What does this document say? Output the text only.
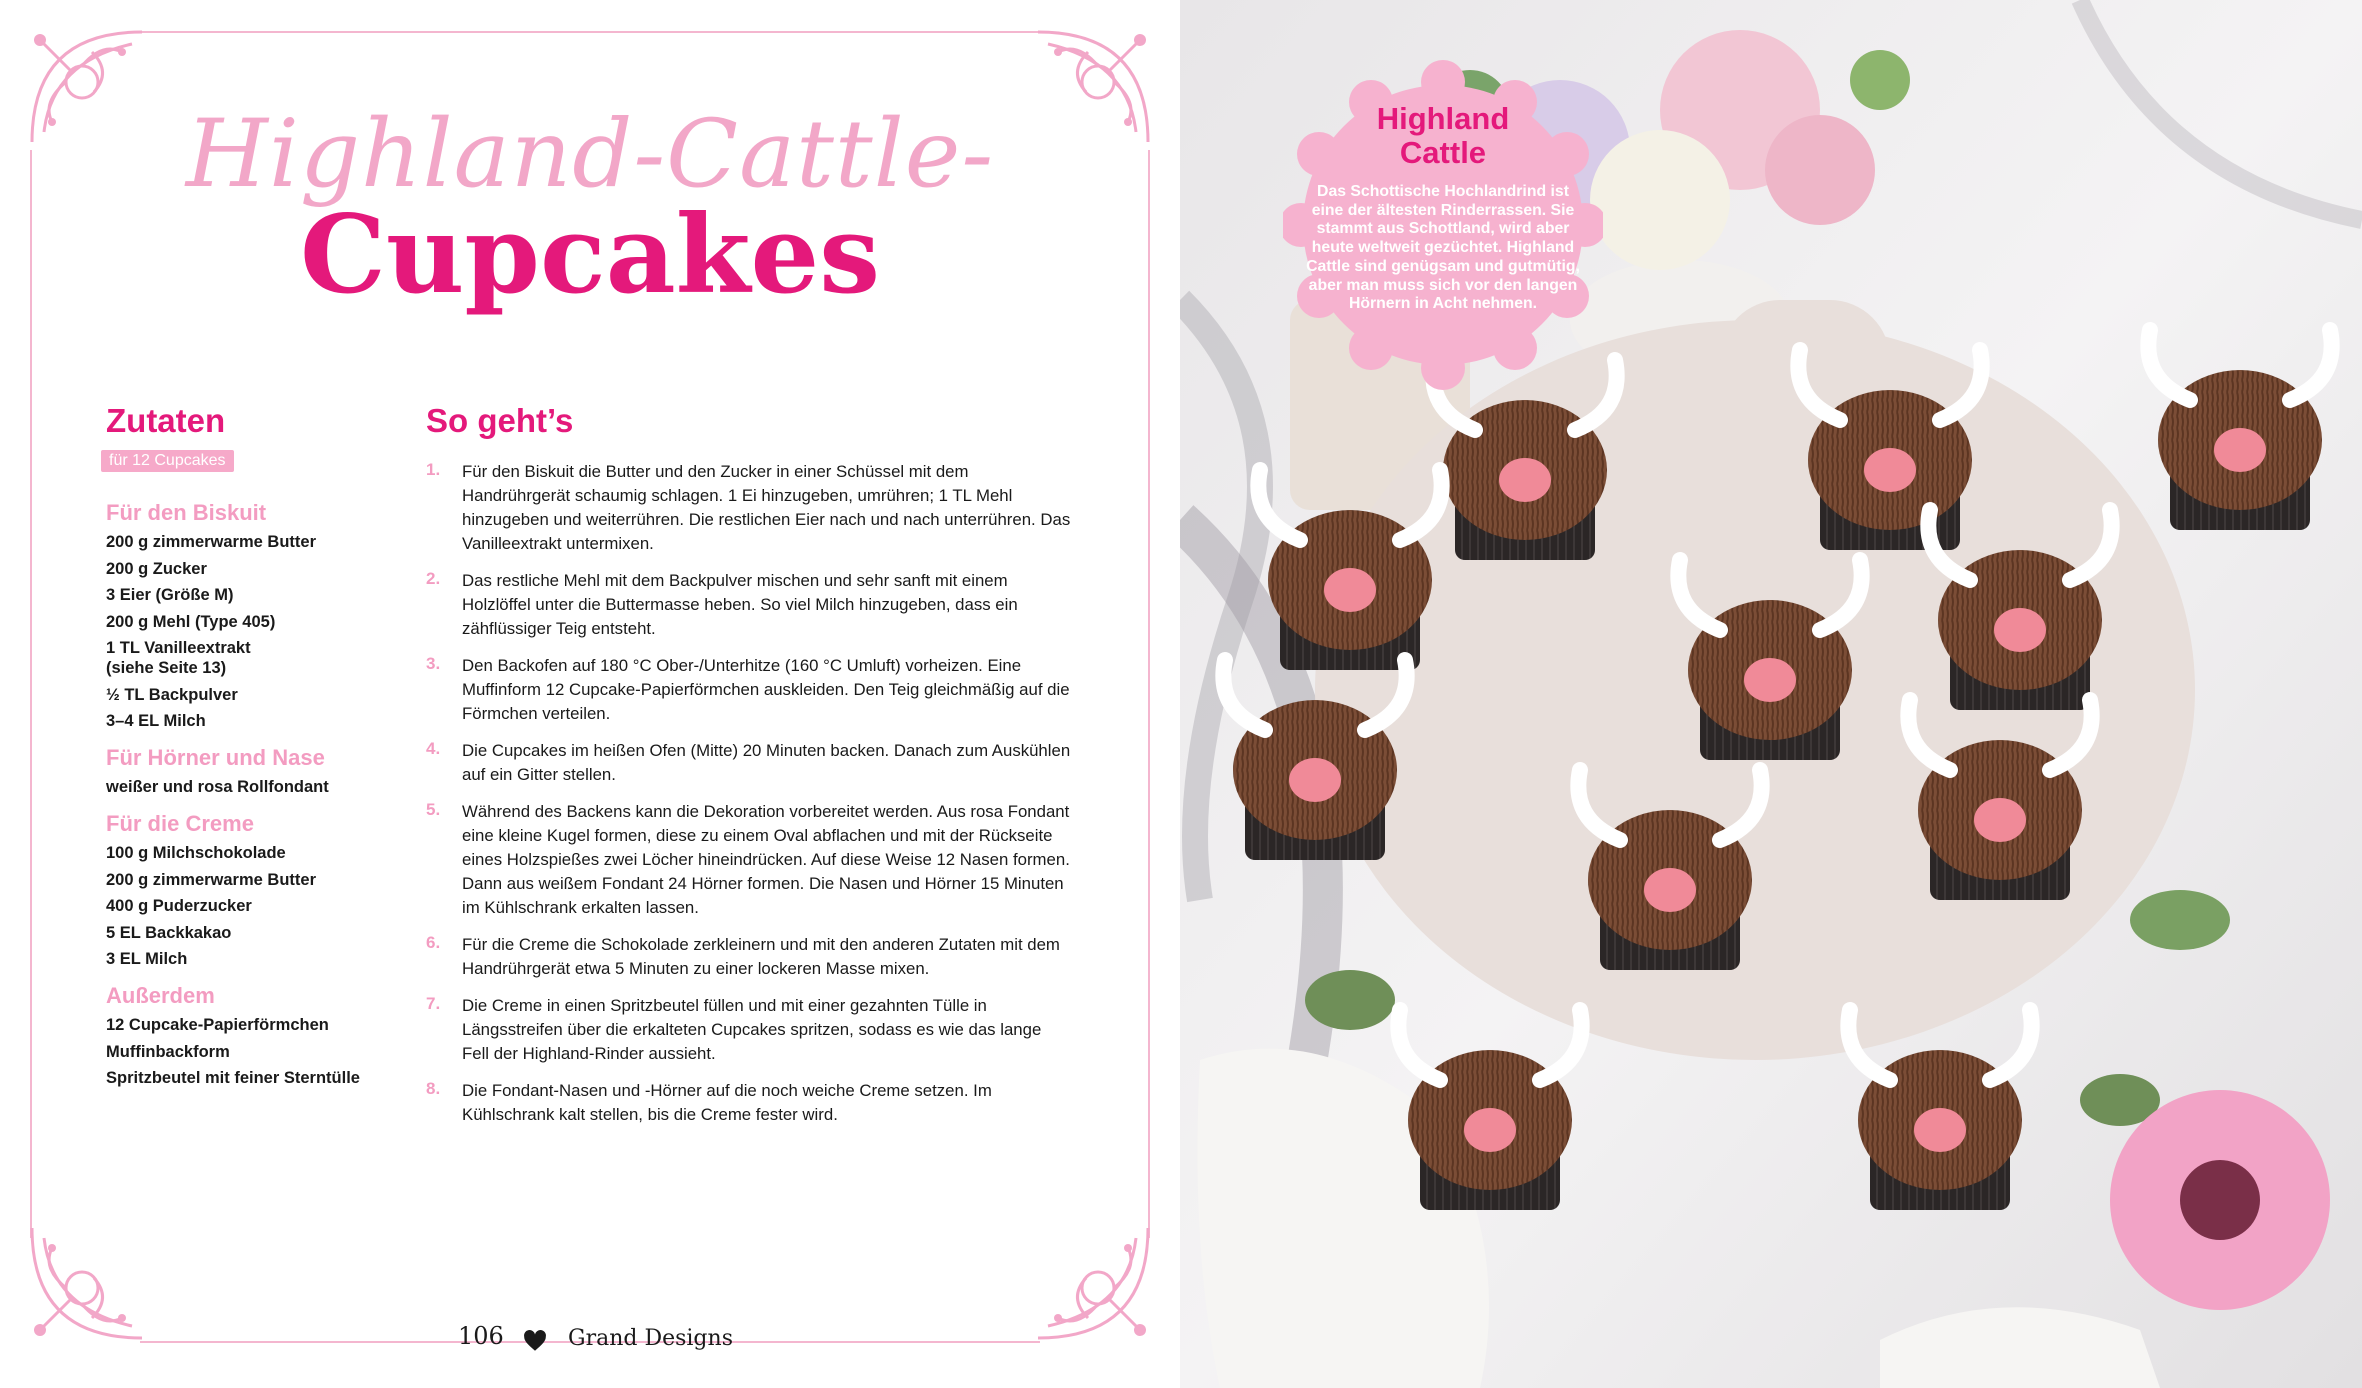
Highland-Cattle-
Cupcakes
Zutaten
für 12 Cupcakes
Für den Biskuit
200 g zimmerwarme Butter
200 g Zucker
3 Eier (Größe M)
200 g Mehl (Type 405)
1 TL Vanilleextrakt
(siehe Seite 13)
½ TL Backpulver
3–4 EL Milch
Für Hörner und Nase
weißer und rosa Rollfondant
Für die Creme
100 g Milchschokolade
200 g zimmerwarme Butter
400 g Puderzucker
5 EL Backkakao
3 EL Milch
Außerdem
12 Cupcake-Papierförmchen
Muffinbackform
Spritzbeutel mit feiner Sterntülle
So geht’s
1. Für den Biskuit die Butter und den Zucker in einer Schüssel mit dem Handrührgerät schaumig schlagen. 1 Ei hinzugeben, umrühren; 1 TL Mehl hinzugeben und weiterrühren. Die restlichen Eier nach und nach unterrühren. Das Vanilleextrakt untermixen.

2. Das restliche Mehl mit dem Backpulver mischen und sehr sanft mit einem Holzlöffel unter die Buttermasse heben. So viel Milch hinzugeben, dass ein zähflüssiger Teig entsteht.

3. Den Backofen auf 180 °C Ober-/Unterhitze (160 °C Umluft) vorheizen. Eine Muffinform 12 Cupcake-Papierförmchen auskleiden. Den Teig gleichmäßig auf die Förmchen verteilen.

4. Die Cupcakes im heißen Ofen (Mitte) 20 Minuten backen. Danach zum Auskühlen auf ein Gitter stellen.

5. Während des Backens kann die Dekoration vorbereitet werden. Aus rosa Fondant eine kleine Kugel formen, diese zu einem Oval abflachen und mit der Rückseite eines Holzspießes zwei Löcher hineindrücken. Auf diese Weise 12 Nasen formen. Dann aus weißem Fondant 24 Hörner formen. Die Nasen und Hörner 15 Minuten im Kühlschrank erkalten lassen.

6. Für die Creme die Schokolade zerkleinern und mit den anderen Zutaten mit dem Handrührgerät etwa 5 Minuten zu einer lockeren Masse mixen.

7. Die Creme in einen Spritzbeutel füllen und mit einer gezahnten Tülle in Längsstreifen über die erkalteten Cupcakes spritzen, sodass es wie das lange Fell der Highland-Rinder aussieht.

8. Die Fondant-Nasen und -Hörner auf die noch weiche Creme setzen. Im Kühlschrank kalt stellen, bis die Creme fester wird.

106	Grand Designs
Highland
Cattle
Das Schottische Hochlandrind ist eine der ältesten Rinderrassen. Sie stammt aus Schottland, wird aber heute weltweit gezüchtet. Highland Cattle sind genügsam und gutmütig, aber man muss sich vor den langen Hörnern in Acht nehmen.
